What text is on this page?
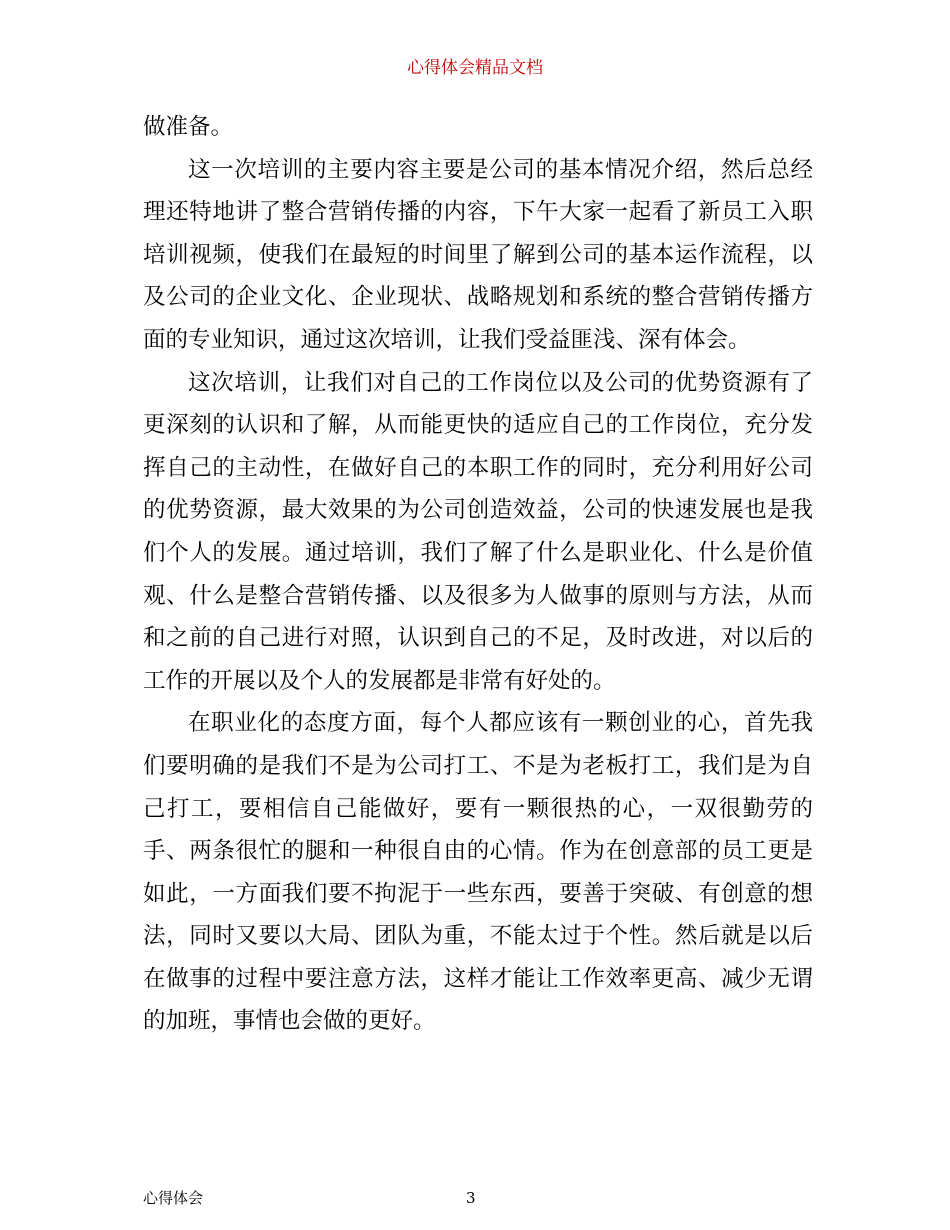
心得体会精品文档

做准备。

这一次培训的主要内容主要是公司的基本情况介绍，然后总经理还特地讲了整合营销传播的内容，下午大家一起看了新员工入职培训视频，使我们在最短的时间里了解到公司的基本运作流程，以及公司的企业文化、企业现状、战略规划和系统的整合营销传播方面的专业知识，通过这次培训，让我们受益匪浅、深有体会。

这次培训，让我们对自己的工作岗位以及公司的优势资源有了更深刻的认识和了解，从而能更快的适应自己的工作岗位，充分发挥自己的主动性，在做好自己的本职工作的同时，充分利用好公司的优势资源，最大效果的为公司创造效益，公司的快速发展也是我们个人的发展。通过培训，我们了解了什么是职业化、什么是价值观、什么是整合营销传播、以及很多为人做事的原则与方法，从而和之前的自己进行对照，认识到自己的不足，及时改进，对以后的工作的开展以及个人的发展都是非常有好处的。

在职业化的态度方面，每个人都应该有一颗创业的心，首先我们要明确的是我们不是为公司打工、不是为老板打工，我们是为自己打工，要相信自己能做好，要有一颗很热的心，一双很勤劳的手、两条很忙的腿和一种很自由的心情。作为在创意部的员工更是如此，一方面我们要不拘泥于一些东西，要善于突破、有创意的想法，同时又要以大局、团队为重，不能太过于个性。然后就是以后在做事的过程中要注意方法，这样才能让工作效率更高、减少无谓的加班，事情也会做的更好。

心得体会	3
